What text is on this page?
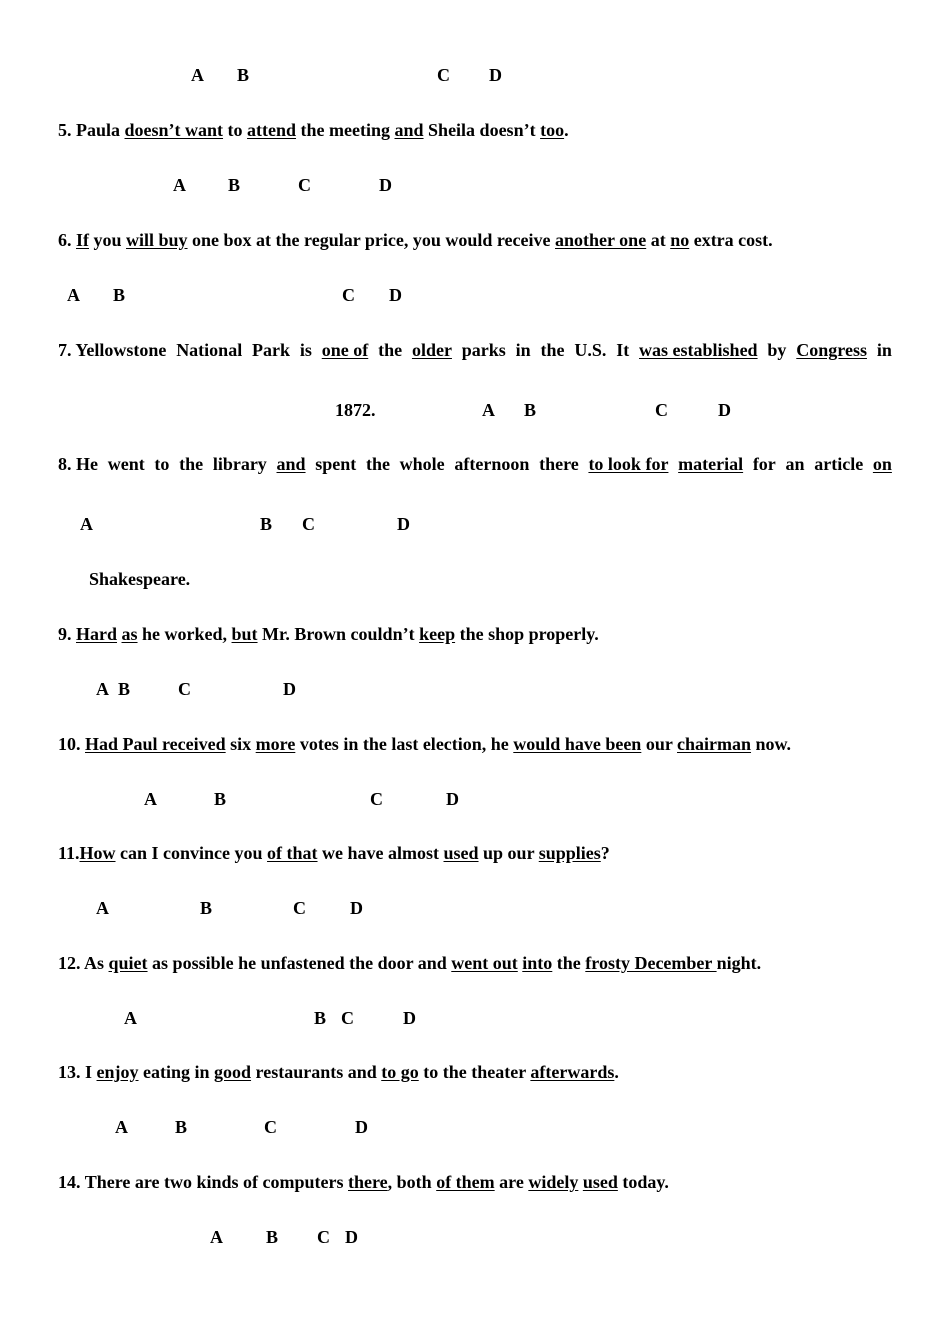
A B	C D
5. Paula doesn’t want to attend the meeting and Sheila doesn’t too.
A B	C	D
6. If you will buy one box at the regular price, you would receive another one at no extra cost.
A B	C D
7. Yellowstone National Park is one of the older parks in the U.S. It was established by Congress in
1872.	A B	C	D
8. He went to the library and spent the whole afternoon there to look for material for an article on
A	B C	D
Shakespeare.
9. Hard as he worked, but Mr. Brown couldn’t keep the shop properly.
A B	C	D
10. Had Paul received six more votes in the last election, he would have been our chairman now.
A	B	C	D
11.How can I convince you of that we have almost used up our supplies?
A	B	C D
12. As quiet as possible he unfastened the door and went out into the frosty December night.
A	B C	D
13. I enjoy eating in good restaurants and to go to the theater afterwards.
A	B	C	D
14. There are two kinds of computers there, both of them are widely used today.
A B C D
